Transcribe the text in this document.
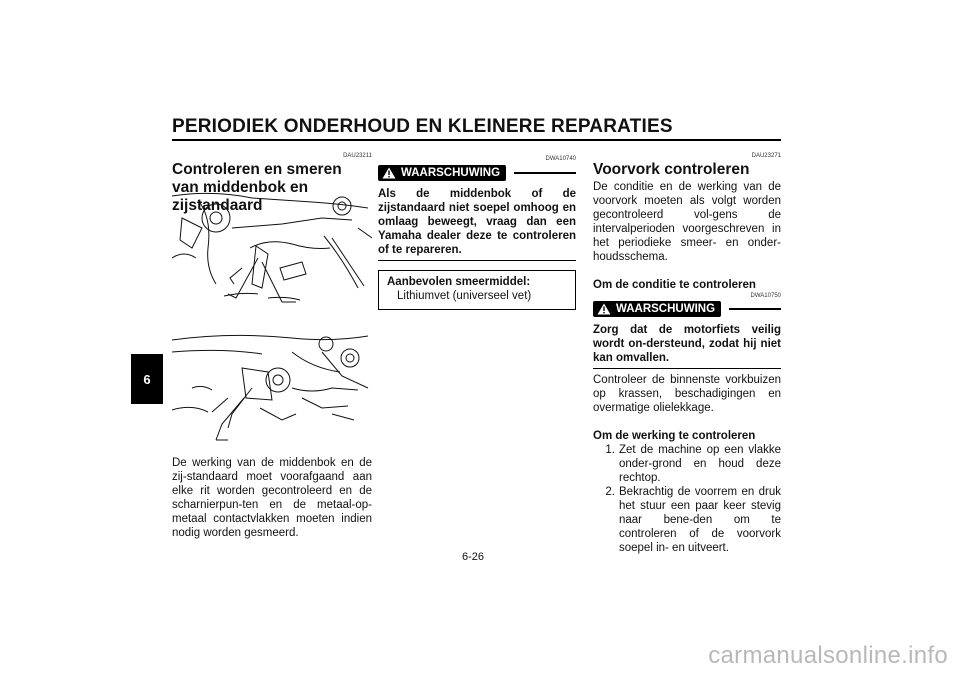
PERIODIEK ONDERHOUD EN KLEINERE REPARATIES
6
DAU23211
Controleren en smeren van middenbok en zijstandaard
De werking van de middenbok en de zij-standaard moet voorafgaand aan elke rit worden gecontroleerd en de scharnierpun-ten en de metaal-op-metaal contactvlakken moeten indien nodig worden gesmeerd.
DWA10740
WAARSCHUWING
Als de middenbok of de zijstandaard niet soepel omhoog en omlaag beweegt, vraag dan een Yamaha dealer deze te controleren of te repareren.
Aanbevolen smeermiddel:
Lithiumvet (universeel vet)
DAU23271
Voorvork controleren
De conditie en de werking van de voorvork moeten als volgt worden gecontroleerd vol-gens de intervalperioden voorgeschreven in het periodieke smeer- en onder-houdsschema.
Om de conditie te controleren
DWA10750
WAARSCHUWING
Zorg dat de motorfiets veilig wordt on-dersteund, zodat hij niet kan omvallen.
Controleer de binnenste vorkbuizen op krassen, beschadigingen en overmatige olielekkage.
Om de werking te controleren
1. Zet de machine op een vlakke onder-grond en houd deze rechtop.
2. Bekrachtig de voorrem en druk het stuur een paar keer stevig naar bene-den om te controleren of de voorvork soepel in- en uitveert.
6-26
carmanualsonline.info
